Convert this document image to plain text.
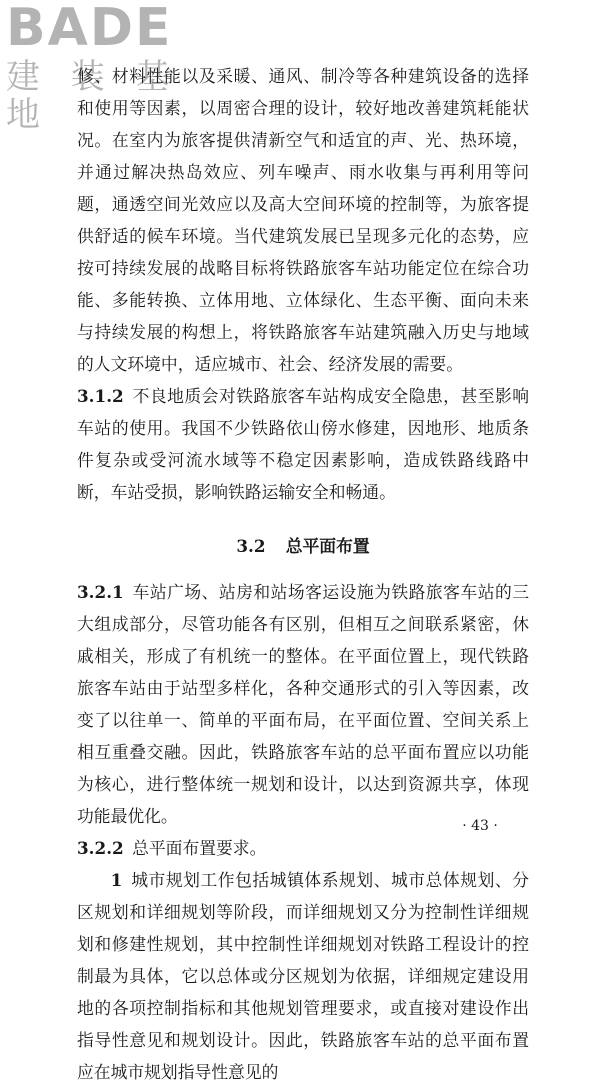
BADE
建 装 基 地

修、材料性能以及采暖、通风、制冷等各种建筑设备的选择和使用等因素，以周密合理的设计，较好地改善建筑耗能状况。在室内为旅客提供清新空气和适宜的声、光、热环境，并通过解决热岛效应、列车噪声、雨水收集与再利用等问题，通透空间光效应以及高大空间环境的控制等，为旅客提供舒适的候车环境。当代建筑发展已呈现多元化的态势，应按可持续发展的战略目标将铁路旅客车站功能定位在综合功能、多能转换、立体用地、立体绿化、生态平衡、面向未来与持续发展的构想上，将铁路旅客车站建筑融入历史与地域的人文环境中，适应城市、社会、经济发展的需要。

3.1.2 不良地质会对铁路旅客车站构成安全隐患，甚至影响车站的使用。我国不少铁路依山傍水修建，因地形、地质条件复杂或受河流水域等不稳定因素影响，造成铁路线路中断，车站受损，影响铁路运输安全和畅通。

3.2 总平面布置

3.2.1 车站广场、站房和站场客运设施为铁路旅客车站的三大组成部分，尽管功能各有区别，但相互之间联系紧密，休戚相关，形成了有机统一的整体。在平面位置上，现代铁路旅客车站由于站型多样化，各种交通形式的引入等因素，改变了以往单一、简单的平面布局，在平面位置、空间关系上相互重叠交融。因此，铁路旅客车站的总平面布置应以功能为核心，进行整体统一规划和设计，以达到资源共享，体现功能最优化。

3.2.2 总平面布置要求。

1 城市规划工作包括城镇体系规划、城市总体规划、分区规划和详细规划等阶段，而详细规划又分为控制性详细规划和修建性规划，其中控制性详细规划对铁路工程设计的控制最为具体，它以总体或分区规划为依据，详细规定建设用地的各项控制指标和其他规划管理要求，或直接对建设作出指导性意见和规划设计。因此，铁路旅客车站的总平面布置应在城市规划指导性意见的

· 43 ·
